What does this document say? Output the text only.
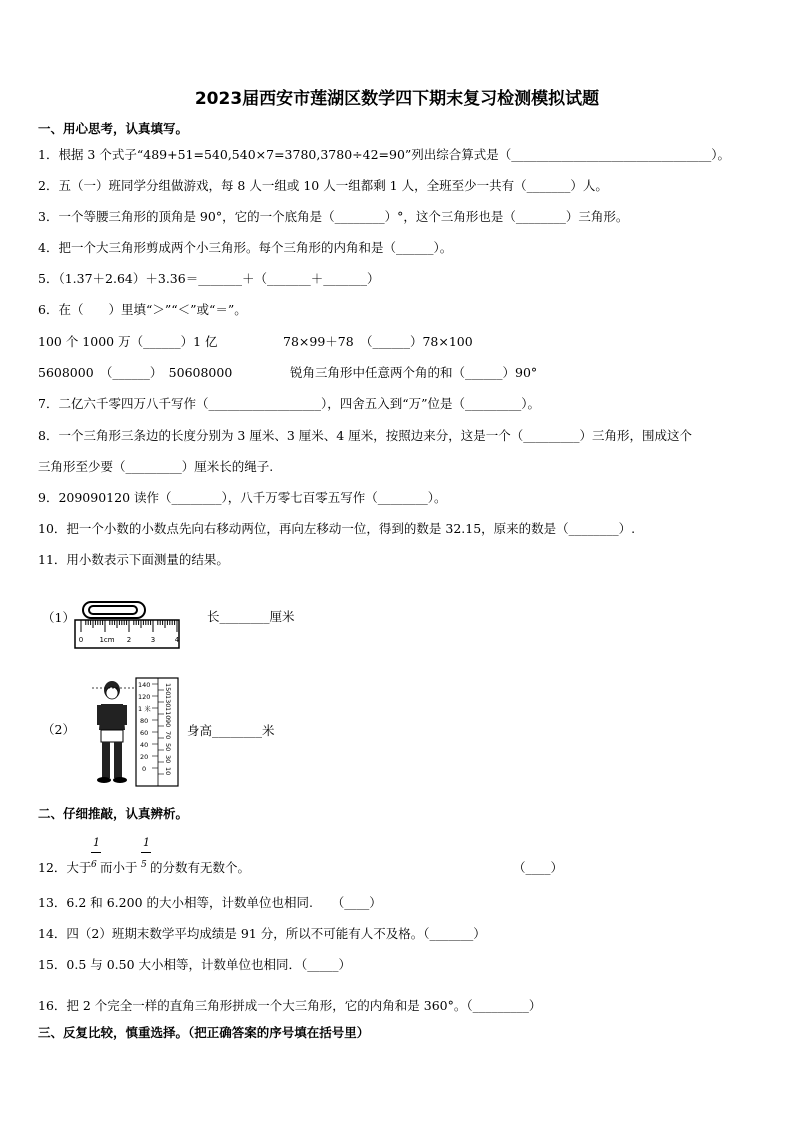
2023届西安市莲湖区数学四下期末复习检测模拟试题
一、用心思考，认真填写。
1．根据 3 个式子“489+51=540,540×7=3780,3780÷42=90”列出综合算式是（________________________________）。
2．五（一）班同学分组做游戏，每 8 人一组或 10 人一组都剩 1 人，全班至少一共有（_______）人。
3．一个等腰三角形的顶角是 90°，它的一个底角是（________）°，这个三角形也是（________）三角形。
4．把一个大三角形剪成两个小三角形。每个三角形的内角和是（______）。
5．（1.37＋2.64）＋3.36＝_______＋（_______＋_______）
6．在（　　）里填“＞”“＜”或“＝”。
100 个 1000 万（______）1 亿	78×99＋78　（______）78×100
5608000　（______）　50608000	锐角三角形中任意两个角的和（______）90°
7．二亿六千零四万八千写作（__________________），四舍五入到“万”位是（_________）。
8．一个三角形三条边的长度分别为 3 厘米、3 厘米、4 厘米，按照边来分，这是一个（_________）三角形，围成这个
三角形至少要（_________）厘米长的绳子.
9．209090120 读作（________），八千万零七百零五写作（________）。
10．把一个小数的小数点先向右移动两位，再向左移动一位，得到的数是 32.15，原来的数是（________）.
11．用小数表示下面测量的结果。
（1）
0 1cm 2	3	4
长________厘米
（2）
140
120
1 米
80
60
40
20
0
150
130
110
90
70
50
30
10
身高________米
二、仔细推敲，认真辨析。
1	1
12．大于 6 而小于 5 的分数有无数个。	（____）
13．6.2 和 6.200 的大小相等，计数单位也相同.　　（____）
14．四（2）班期末数学平均成绩是 91 分，所以不可能有人不及格。（_______）
15．0.5 与 0.50 大小相等，计数单位也相同．（_____）
16．把 2 个完全一样的直角三角形拼成一个大三角形，它的内角和是 360°。（_________）
三、反复比较，慎重选择。（把正确答案的序号填在括号里）
